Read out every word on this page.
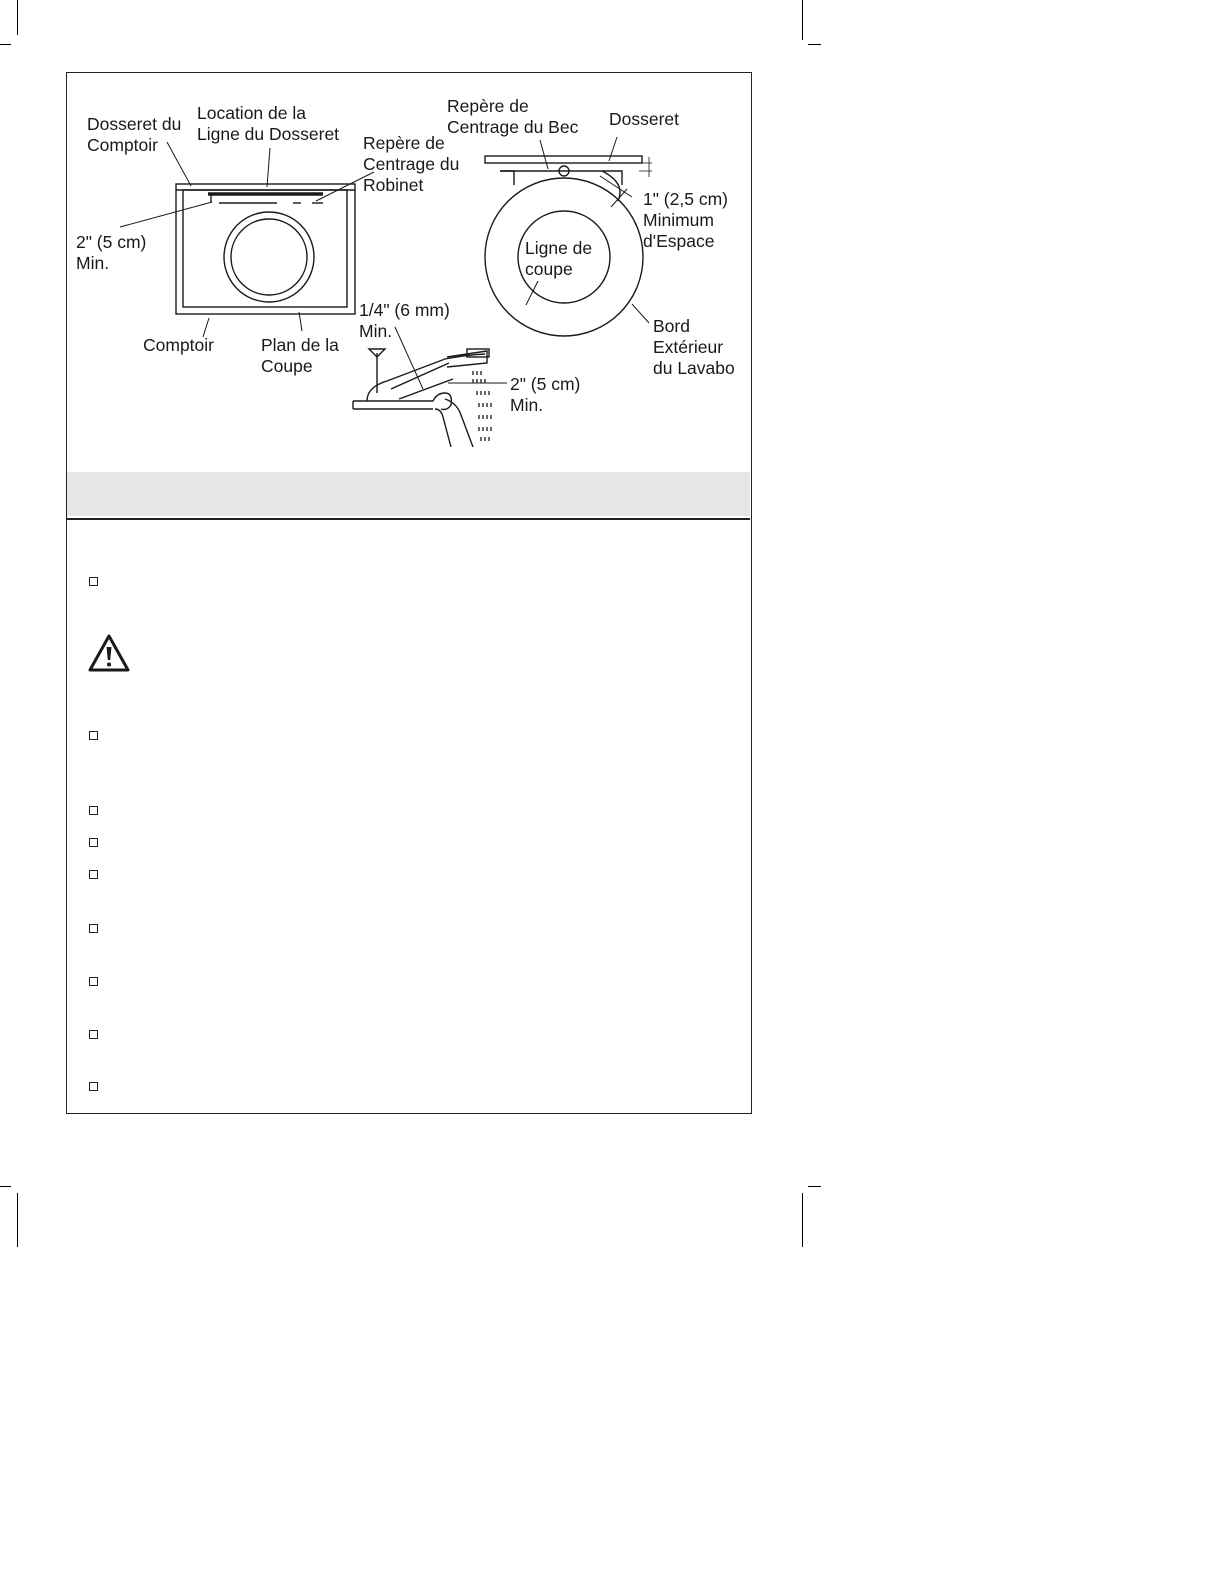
Dosseret du
Comptoir
Location de la
Ligne du Dosseret Repère de
Centrage du
Robinet
2" (5 cm)
Min.
Comptoir	Plan de la
Coupe
Repère de
Centrage du Bec Dosseret
1" (2,5 cm)
Minimum
d'Espace
Ligne de
coupe
Bord
Extérieur
du Lavabo
1/4" (6 mm)
Min.
2" (5 cm)
Min.
